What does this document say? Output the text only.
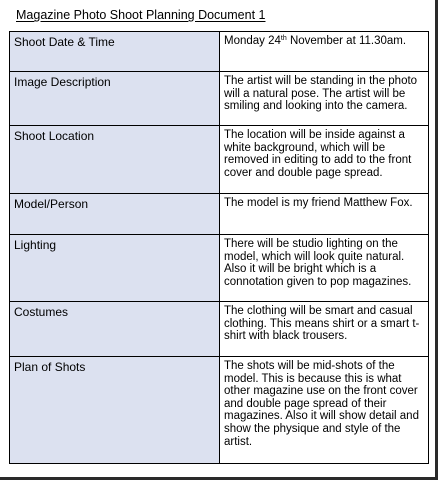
Magazine Photo Shoot Planning Document 1
Shoot Date & Time	Monday 24th November at 11.30am.
Image Description	The artist will be standing in the photo will a natural pose. The artist will be smiling and looking into the camera.
Shoot Location	The location will be inside against a white background, which will be removed in editing to add to the front cover and double page spread.
Model/Person	The model is my friend Matthew Fox.
Lighting	There will be studio lighting on the model, which will look quite natural. Also it will be bright which is a connotation given to pop magazines.
Costumes	The clothing will be smart and casual clothing. This means shirt or a smart t-shirt with black trousers.
Plan of Shots	The shots will be mid-shots of the model. This is because this is what other magazine use on the front cover and double page spread of their magazines. Also it will show detail and show the physique and style of the artist.
